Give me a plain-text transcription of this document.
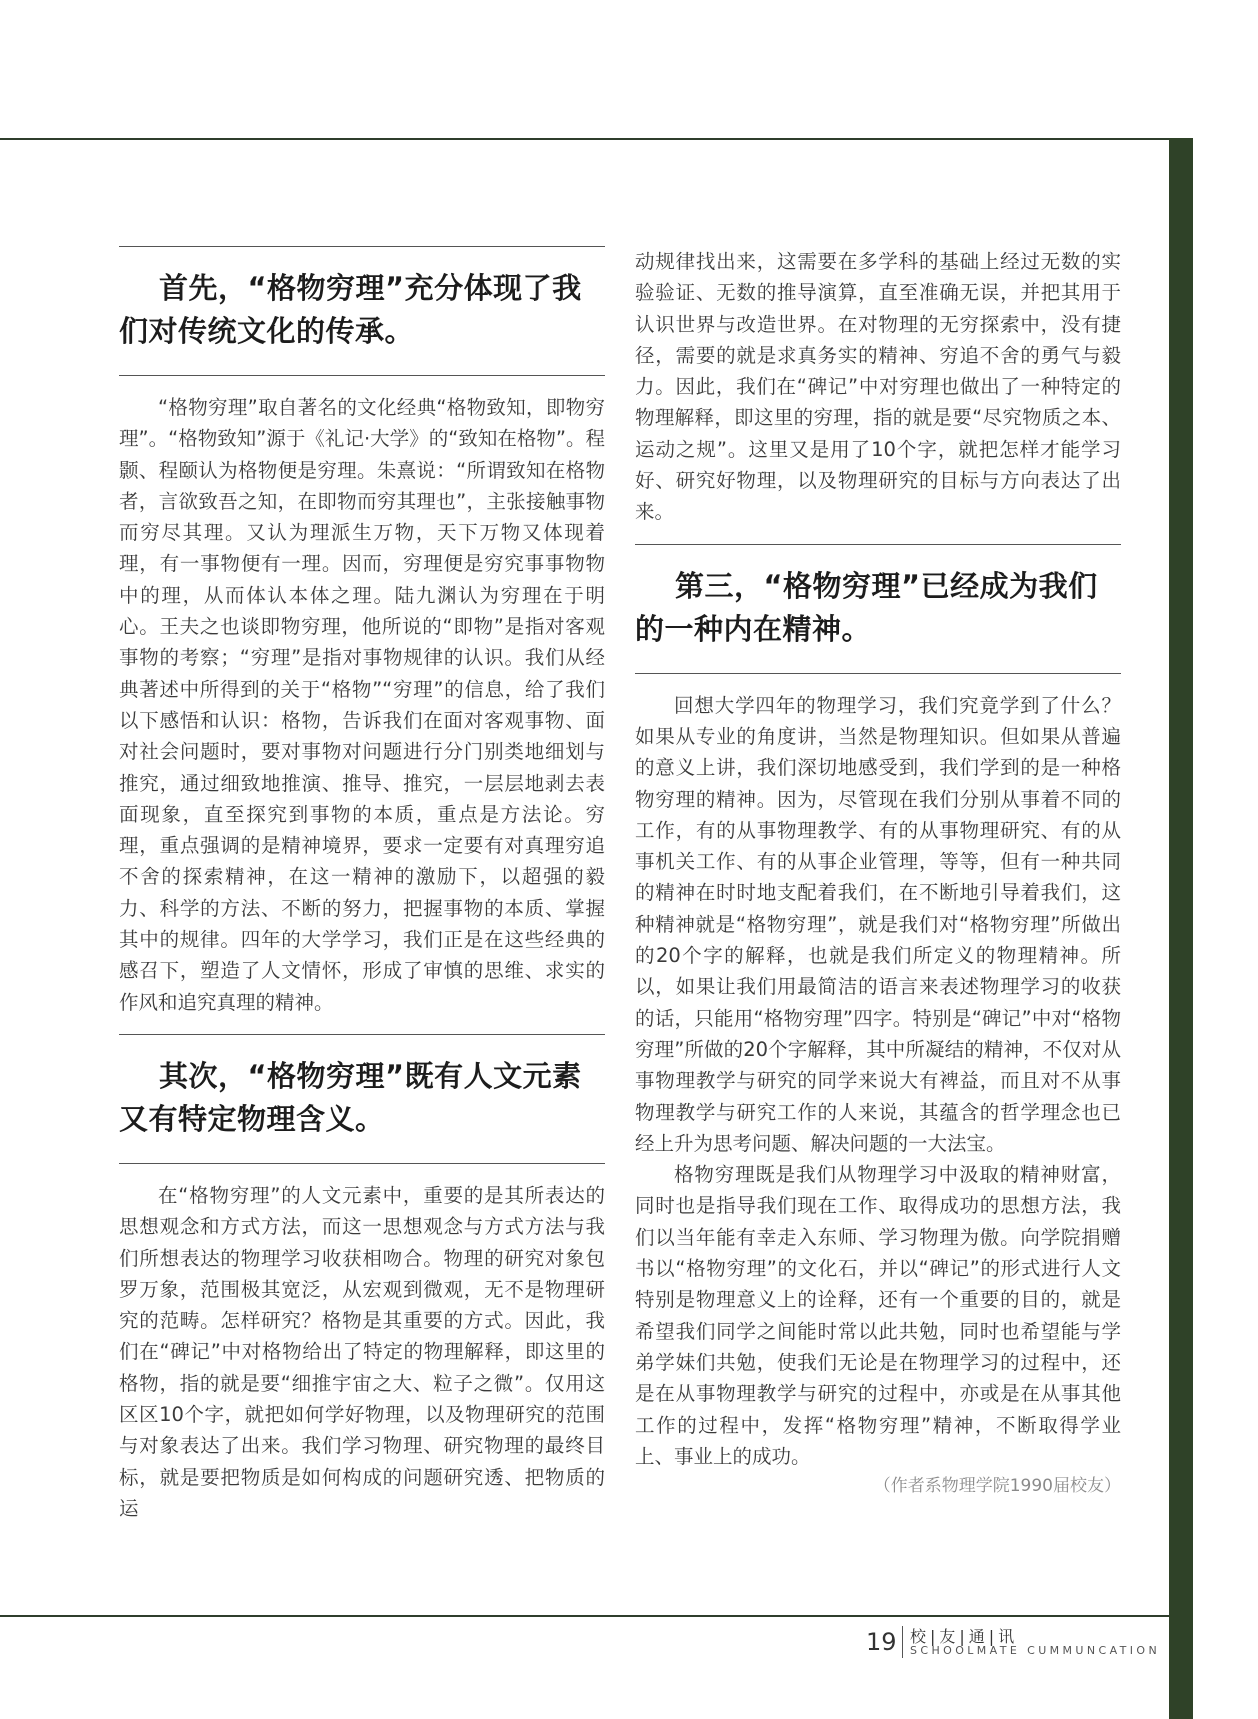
首先，“格物穷理”充分体现了我们对传统文化的传承。

“格物穷理”取自著名的文化经典“格物致知，即物穷理”。“格物致知”源于《礼记·大学》的“致知在格物”。程颢、程颐认为格物便是穷理。朱熹说：“所谓致知在格物者，言欲致吾之知，在即物而穷其理也”，主张接触事物而穷尽其理。又认为理派生万物，天下万物又体现着理，有一事物便有一理。因而，穷理便是穷究事事物物中的理，从而体认本体之理。陆九渊认为穷理在于明心。王夫之也谈即物穷理，他所说的“即物”是指对客观事物的考察；“穷理”是指对事物规律的认识。我们从经典著述中所得到的关于“格物”“穷理”的信息，给了我们以下感悟和认识：格物，告诉我们在面对客观事物、面对社会问题时，要对事物对问题进行分门别类地细划与推究，通过细致地推演、推导、推究，一层层地剥去表面现象，直至探究到事物的本质，重点是方法论。穷理，重点强调的是精神境界，要求一定要有对真理穷追不舍的探索精神，在这一精神的激励下，以超强的毅力、科学的方法、不断的努力，把握事物的本质、掌握其中的规律。四年的大学学习，我们正是在这些经典的感召下，塑造了人文情怀，形成了审慎的思维、求实的作风和追究真理的精神。

其次，“格物穷理”既有人文元素又有特定物理含义。

在“格物穷理”的人文元素中，重要的是其所表达的思想观念和方式方法，而这一思想观念与方式方法与我们所想表达的物理学习收获相吻合。物理的研究对象包罗万象，范围极其宽泛，从宏观到微观，无不是物理研究的范畴。怎样研究？格物是其重要的方式。因此，我们在“碑记”中对格物给出了特定的物理解释，即这里的格物，指的就是要“细推宇宙之大、粒子之微”。仅用这区区10个字，就把如何学好物理，以及物理研究的范围与对象表达了出来。我们学习物理、研究物理的最终目标，就是要把物质是如何构成的问题研究透、把物质的运

动规律找出来，这需要在多学科的基础上经过无数的实验验证、无数的推导演算，直至准确无误，并把其用于认识世界与改造世界。在对物理的无穷探索中，没有捷径，需要的就是求真务实的精神、穷追不舍的勇气与毅力。因此，我们在“碑记”中对穷理也做出了一种特定的物理解释，即这里的穷理，指的就是要“尽究物质之本、运动之规”。这里又是用了10个字，就把怎样才能学习好、研究好物理，以及物理研究的目标与方向表达了出来。

第三，“格物穷理”已经成为我们的一种内在精神。

回想大学四年的物理学习，我们究竟学到了什么？如果从专业的角度讲，当然是物理知识。但如果从普遍的意义上讲，我们深切地感受到，我们学到的是一种格物穷理的精神。因为，尽管现在我们分别从事着不同的工作，有的从事物理教学、有的从事物理研究、有的从事机关工作、有的从事企业管理，等等，但有一种共同的精神在时时地支配着我们，在不断地引导着我们，这种精神就是“格物穷理”，就是我们对“格物穷理”所做出的20个字的解释，也就是我们所定义的物理精神。所以，如果让我们用最简洁的语言来表述物理学习的收获的话，只能用“格物穷理”四字。特别是“碑记”中对“格物穷理”所做的20个字解释，其中所凝结的精神，不仅对从事物理教学与研究的同学来说大有裨益，而且对不从事物理教学与研究工作的人来说，其蕴含的哲学理念也已经上升为思考问题、解决问题的一大法宝。

格物穷理既是我们从物理学习中汲取的精神财富，同时也是指导我们现在工作、取得成功的思想方法，我们以当年能有幸走入东师、学习物理为傲。向学院捐赠书以“格物穷理”的文化石，并以“碑记”的形式进行人文特别是物理意义上的诠释，还有一个重要的目的，就是希望我们同学之间能时常以此共勉，同时也希望能与学弟学妹们共勉，使我们无论是在物理学习的过程中，还是在从事物理教学与研究的过程中，亦或是在从事其他工作的过程中，发挥“格物穷理”精神，不断取得学业上、事业上的成功。

（作者系物理学院1990届校友）

19 校|友|通|讯
SCHOOLMATE CUMMUNCATION
